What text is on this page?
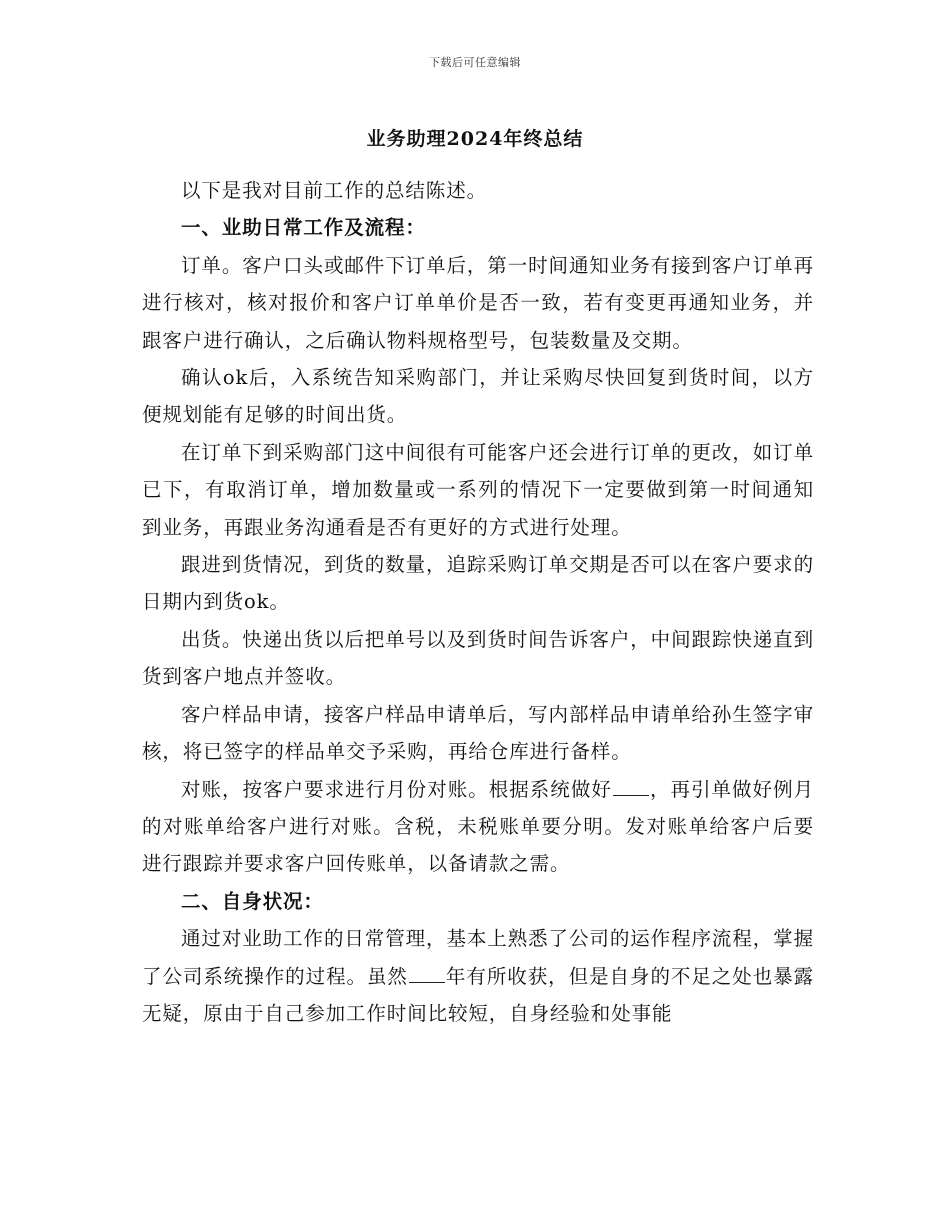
下载后可任意编辑
业务助理2024年终总结

以下是我对目前工作的总结陈述。

一、业助日常工作及流程：

订单。客户口头或邮件下订单后，第一时间通知业务有接到客户订单再进行核对，核对报价和客户订单单价是否一致，若有变更再通知业务，并跟客户进行确认，之后确认物料规格型号，包装数量及交期。

确认ok后，入系统告知采购部门，并让采购尽快回复到货时间，以方便规划能有足够的时间出货。

在订单下到采购部门这中间很有可能客户还会进行订单的更改，如订单已下，有取消订单，增加数量或一系列的情况下一定要做到第一时间通知到业务，再跟业务沟通看是否有更好的方式进行处理。

跟进到货情况，到货的数量，追踪采购订单交期是否可以在客户要求的日期内到货ok。

出货。快递出货以后把单号以及到货时间告诉客户，中间跟踪快递直到货到客户地点并签收。

客户样品申请，接客户样品申请单后，写内部样品申请单给孙生签字审核，将已签字的样品单交予采购，再给仓库进行备样。

对账，按客户要求进行月份对账。根据系统做好 ，再引单做好例月的对账单给客户进行对账。含税，未税账单要分明。发对账单给客户后要进行跟踪并要求客户回传账单，以备请款之需。

二、自身状况：

通过对业助工作的日常管理，基本上熟悉了公司的运作程序流程，掌握了公司系统操作的过程。虽然 年有所收获，但是自身的不足之处也暴露无疑，原由于自己参加工作时间比较短，自身经验和处事能
